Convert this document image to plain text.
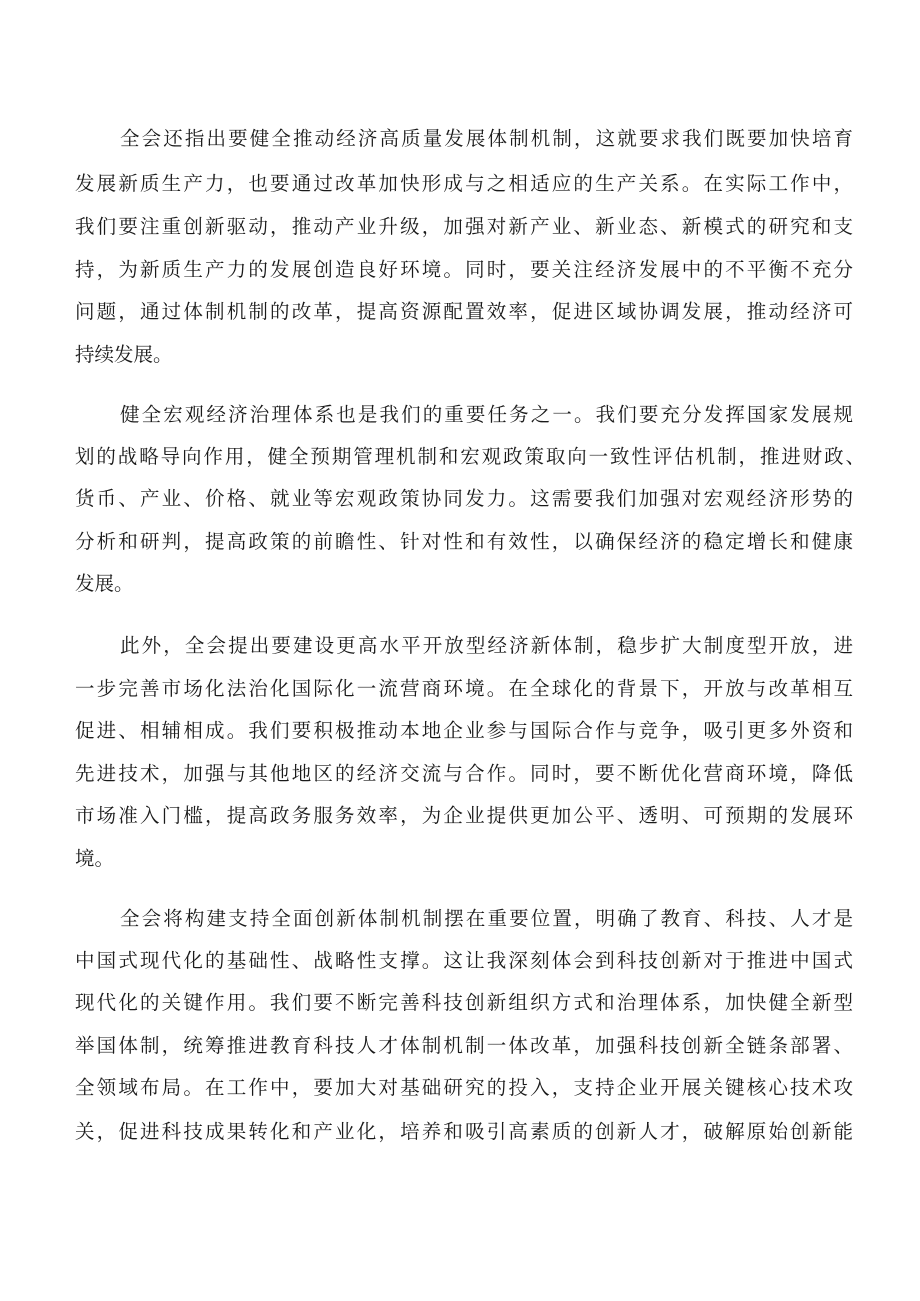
全会还指出要健全推动经济高质量发展体制机制，这就要求我们既要加快培育
发展新质生产力，也要通过改革加快形成与之相适应的生产关系。在实际工作中，
我们要注重创新驱动，推动产业升级，加强对新产业、新业态、新模式的研究和支
持，为新质生产力的发展创造良好环境。同时，要关注经济发展中的不平衡不充分
问题，通过体制机制的改革，提高资源配置效率，促进区域协调发展，推动经济可
持续发展。
健全宏观经济治理体系也是我们的重要任务之一。我们要充分发挥国家发展规
划的战略导向作用，健全预期管理机制和宏观政策取向一致性评估机制，推进财政、
货币、产业、价格、就业等宏观政策协同发力。这需要我们加强对宏观经济形势的
分析和研判，提高政策的前瞻性、针对性和有效性，以确保经济的稳定增长和健康
发展。
此外，全会提出要建设更高水平开放型经济新体制，稳步扩大制度型开放，进
一步完善市场化法治化国际化一流营商环境。在全球化的背景下，开放与改革相互
促进、相辅相成。我们要积极推动本地企业参与国际合作与竞争，吸引更多外资和
先进技术，加强与其他地区的经济交流与合作。同时，要不断优化营商环境，降低
市场准入门槛，提高政务服务效率，为企业提供更加公平、透明、可预期的发展环
境。
全会将构建支持全面创新体制机制摆在重要位置，明确了教育、科技、人才是
中国式现代化的基础性、战略性支撑。这让我深刻体会到科技创新对于推进中国式
现代化的关键作用。我们要不断完善科技创新组织方式和治理体系，加快健全新型
举国体制，统筹推进教育科技人才体制机制一体改革，加强科技创新全链条部署、
全领域布局。在工作中，要加大对基础研究的投入，支持企业开展关键核心技术攻
关，促进科技成果转化和产业化，培养和吸引高素质的创新人才，破解原始创新能
